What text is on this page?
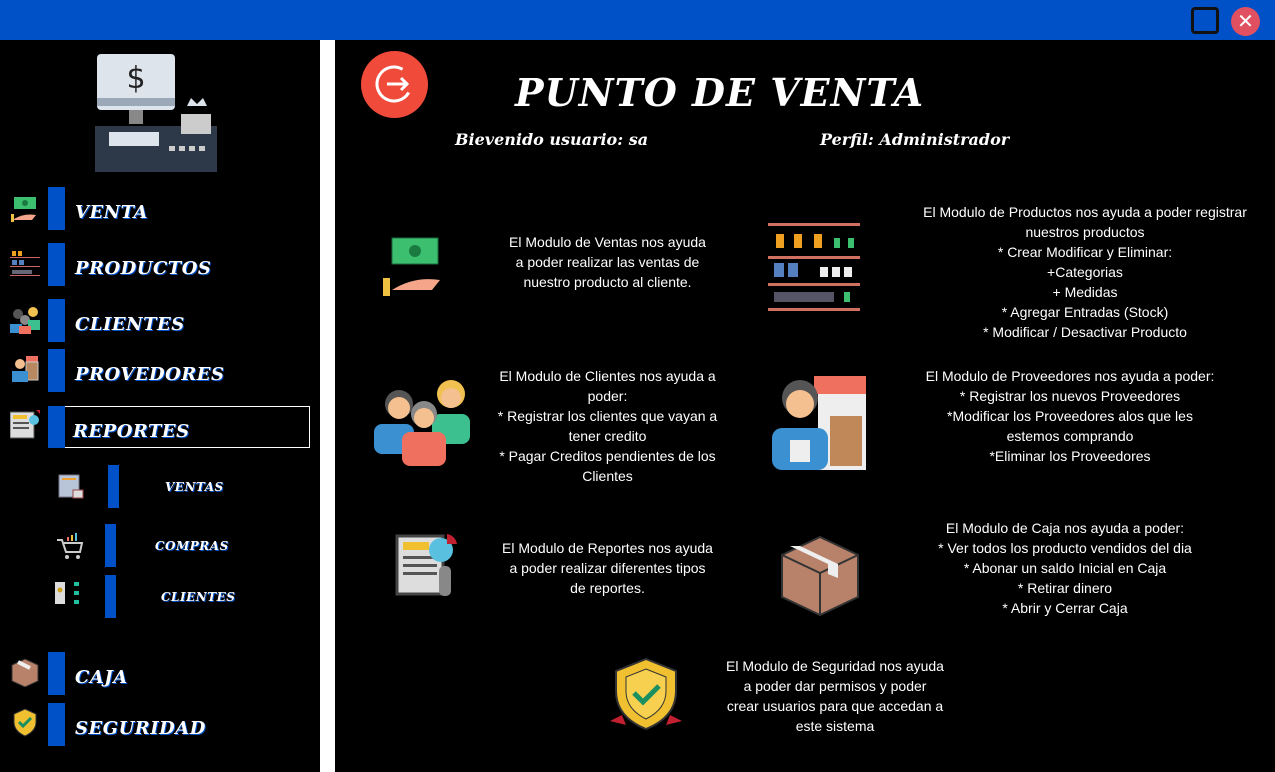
✕
$
VENTA
PRODUCTOS
CLIENTES
PROVEDORES
REPORTES
VENTAS
COMPRAS
CLIENTES
CAJA
SEGURIDAD
PUNTO DE VENTA
Bievenido usuario: sa	Perfil: Administrador
El Modulo de Ventas nos ayuda
a poder realizar las ventas de
nuestro producto al cliente.
El Modulo de Productos nos ayuda a poder registrar
nuestros productos
* Crear Modificar y Eliminar:
+Categorias
+ Medidas
* Agregar Entradas (Stock)
* Modificar / Desactivar Producto
El Modulo de Clientes nos ayuda a
poder:
* Registrar los clientes que vayan a
tener credito
* Pagar Creditos pendientes de los
Clientes
El Modulo de Proveedores nos ayuda a poder:
* Registrar los nuevos Proveedores
*Modificar los Proveedores alos que les
estemos comprando
*Eliminar los Proveedores
El Modulo de Reportes nos ayuda
a poder realizar diferentes tipos
de reportes.
El Modulo de Caja nos ayuda a poder:
* Ver todos los producto vendidos del dia
* Abonar un saldo Inicial en Caja
* Retirar dinero
* Abrir y Cerrar Caja
El Modulo de Seguridad nos ayuda
a poder dar permisos y poder
crear usuarios para que accedan a
este sistema
